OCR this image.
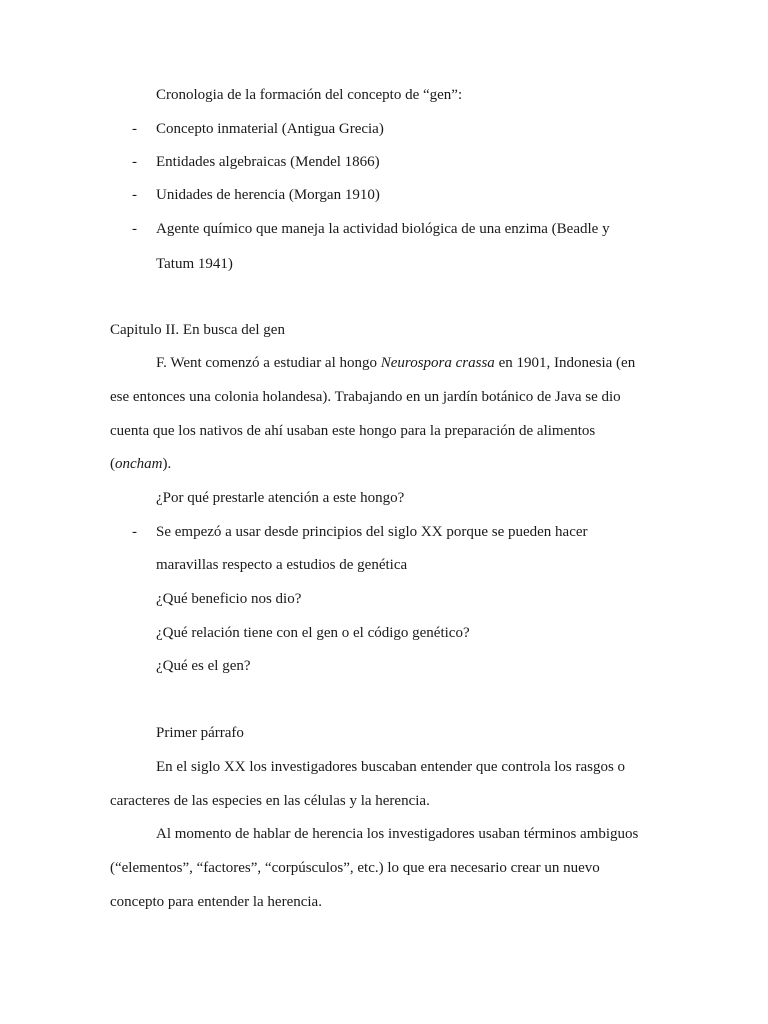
Cronologia de la formación del concepto de “gen”:
- Concepto inmaterial (Antigua Grecia)
- Entidades algebraicas (Mendel 1866)
- Unidades de herencia (Morgan 1910)
- Agente químico que maneja la actividad biológica de una enzima (Beadle y
Tatum 1941)
Capitulo II. En busca del gen
F. Went comenzó a estudiar al hongo Neurospora crassa en 1901, Indonesia (en
ese entonces una colonia holandesa). Trabajando en un jardín botánico de Java se dio
cuenta que los nativos de ahí usaban este hongo para la preparación de alimentos
(oncham).
¿Por qué prestarle atención a este hongo?
- Se empezó a usar desde principios del siglo XX porque se pueden hacer
maravillas respecto a estudios de genética
¿Qué beneficio nos dio?
¿Qué relación tiene con el gen o el código genético?
¿Qué es el gen?
Primer párrafo
En el siglo XX los investigadores buscaban entender que controla los rasgos o
caracteres de las especies en las células y la herencia.
Al momento de hablar de herencia los investigadores usaban términos ambiguos
(“elementos”, “factores”, “corpúsculos”, etc.) lo que era necesario crear un nuevo
concepto para entender la herencia.
